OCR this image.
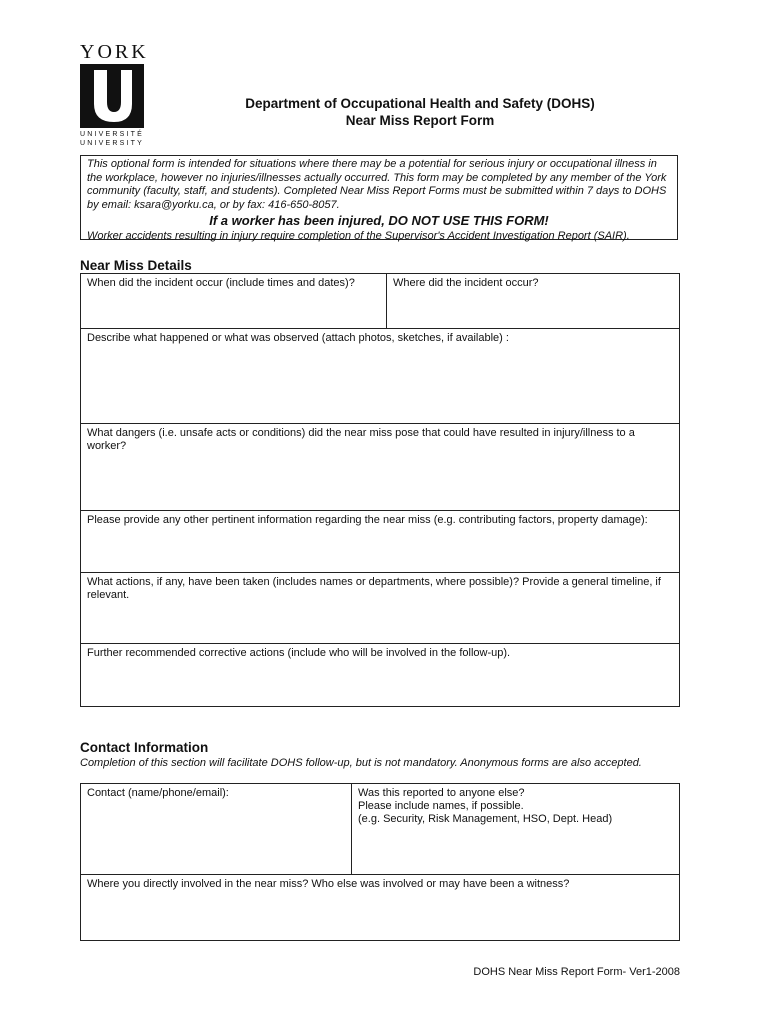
YORK
UNIVERSITÉ
UNIVERSITY
Department of Occupational Health and Safety (DOHS)
Near Miss Report Form

This optional form is intended for situations where there may be a potential for serious injury or occupational illness in the workplace, however no injuries/illnesses actually occurred. This form may be completed by any member of the York community (faculty, staff, and students). Completed Near Miss Report Forms must be submitted within 7 days to DOHS by email: ksara@yorku.ca, or by fax: 416-650-8057.

If a worker has been injured, DO NOT USE THIS FORM!

Worker accidents resulting in injury require completion of the Supervisor's Accident Investigation Report (SAIR).

Near Miss Details
When did the incident occur (include times and dates)?	Where did the incident occur?
Describe what happened or what was observed (attach photos, sketches, if available) :
What dangers (i.e. unsafe acts or conditions) did the near miss pose that could have resulted in injury/illness to a worker?
Please provide any other pertinent information regarding the near miss (e.g. contributing factors, property damage):
What actions, if any, have been taken (includes names or departments, where possible)? Provide a general timeline, if relevant.
Further recommended corrective actions (include who will be involved in the follow-up).
Contact Information
Completion of this section will facilitate DOHS follow-up, but is not mandatory. Anonymous forms are also accepted.
Contact (name/phone/email):	Was this reported to anyone else?
Please include names, if possible.
(e.g. Security, Risk Management, HSO, Dept. Head)
Where you directly involved in the near miss? Who else was involved or may have been a witness?
DOHS Near Miss Report Form- Ver1-2008
